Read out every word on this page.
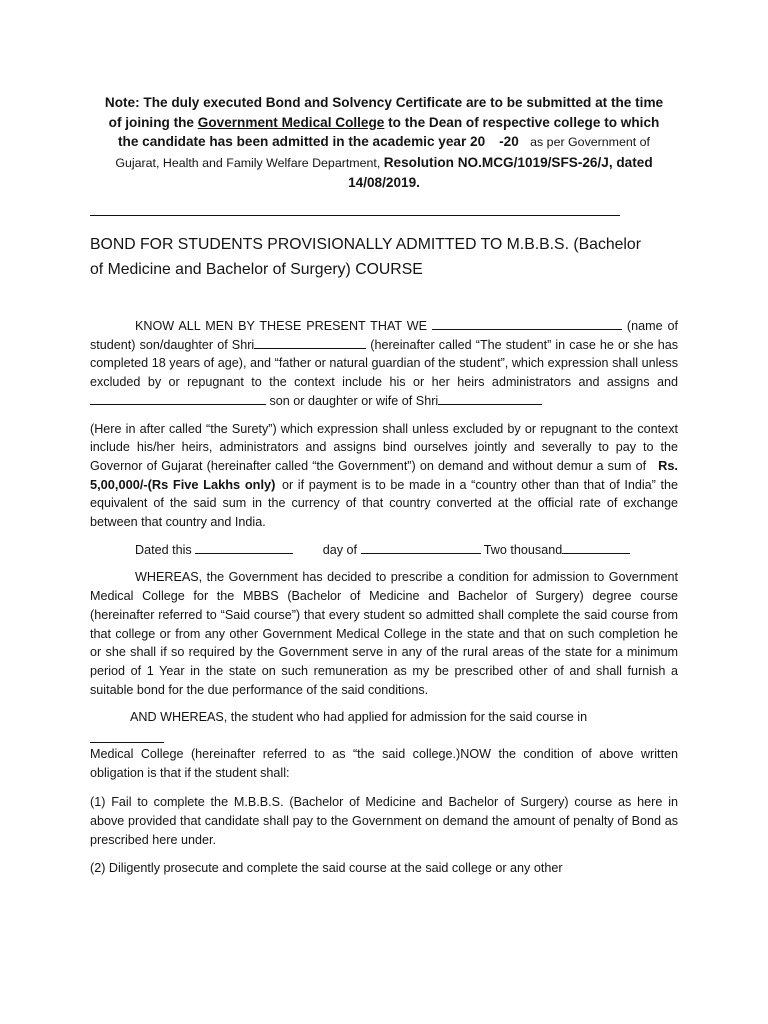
Note: The duly executed Bond and Solvency Certificate are to be submitted at the time
of joining the Government Medical College to the Dean of respective college to which
the candidate has been admitted in the academic year 20 -20 as per Government of
Gujarat, Health and Family Welfare Department, Resolution NO.MCG/1019/SFS-26/J, dated
14/08/2019.
BOND FOR STUDENTS PROVISIONALLY ADMITTED TO M.B.B.S. (Bachelor
of Medicine and Bachelor of Surgery) COURSE

KNOW ALL MEN BY THESE PRESENT THAT WE	(name of student) son/daughter of Shri	(hereinafter called “The student” in case he or she has completed 18 years of age), and “father or natural guardian of the student”, which expression shall unless excluded by or repugnant to the context include his or her heirs administrators and assigns and son or daughter or wife of Shri

(Here in after called “the Surety”) which expression shall unless excluded by or repugnant to the context include his/her heirs, administrators and assigns bind ourselves jointly and severally to pay to the Governor of Gujarat (hereinafter called “the Government”) on demand and without demur a sum of Rs. 5,00,000/-(Rs Five Lakhs only) or if payment is to be made in a “country other than that of India” the equivalent of the said sum in the currency of that country converted at the official rate of exchange between that country and India.

Dated this	day of	Two thousand

WHEREAS, the Government has decided to prescribe a condition for admission to Government Medical College for the MBBS (Bachelor of Medicine and Bachelor of Surgery) degree course (hereinafter referred to “Said course”) that every student so admitted shall complete the said course from that college or from any other Government Medical College in the state and that on such completion he or she shall if so required by the Government serve in any of the rural areas of the state for a minimum period of 1 Year in the state on such remuneration as my be prescribed other of and shall furnish a suitable bond for the due performance of the said conditions.

AND WHEREAS, the student who had applied for admission for the said course in

Medical College (hereinafter referred to as “the said college.)NOW the condition of above written obligation is that if the student shall:

(1) Fail to complete the M.B.B.S. (Bachelor of Medicine and Bachelor of Surgery) course as here in above provided that candidate shall pay to the Government on demand the amount of penalty of Bond as prescribed here under.

(2) Diligently prosecute and complete the said course at the said college or any other
